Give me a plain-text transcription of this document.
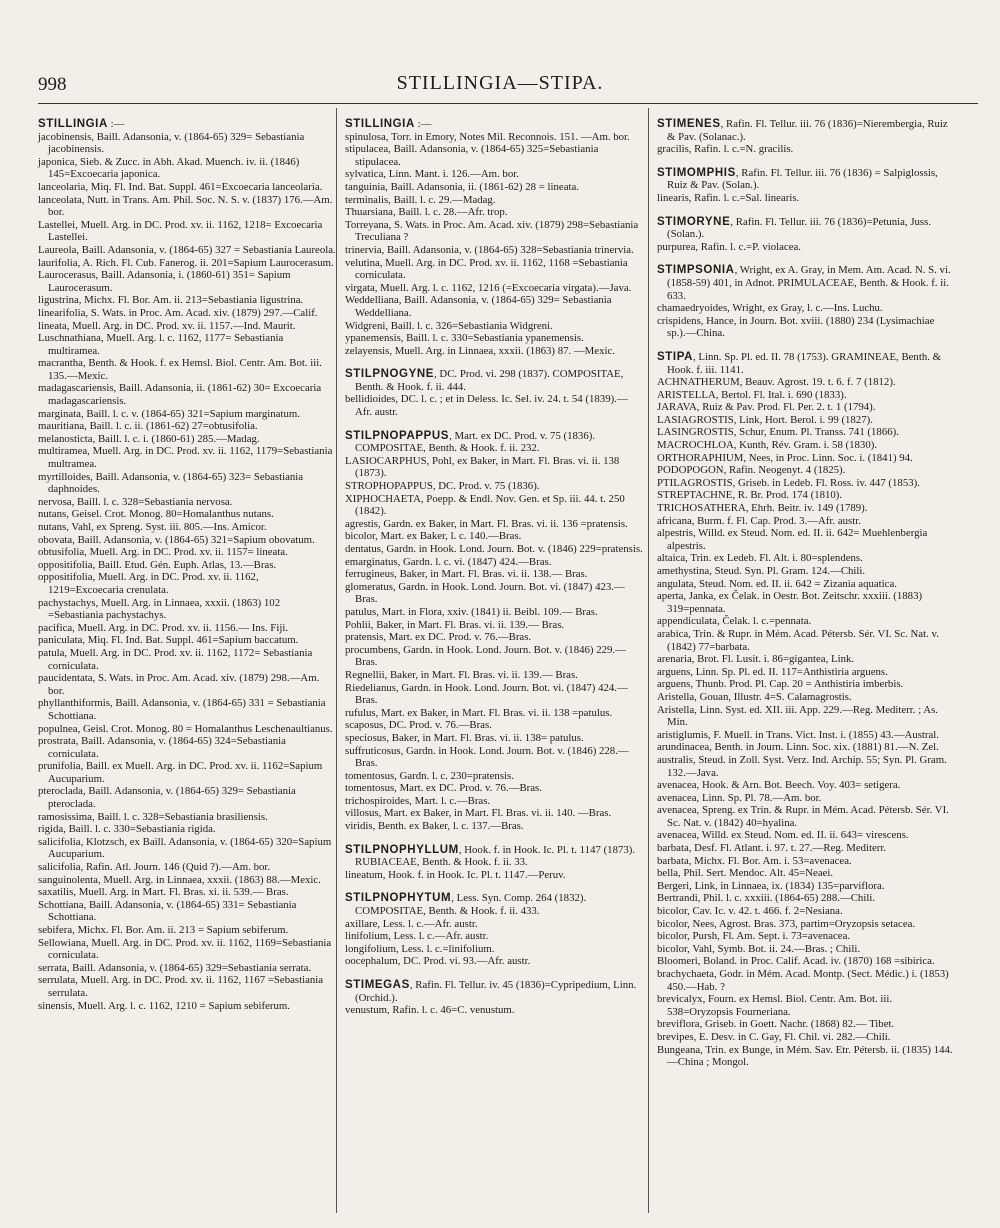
998	STILLINGIA—STIPA.

STILLINGIA :—

jacobinensis, Baill. Adansonia, v. (1864-65) 329= Sebastiania jacobinensis.

japonica, Sieb. & Zucc. in Abh. Akad. Muench. iv. ii. (1846) 145=Excoecaria japonica.

lanceolaria, Miq. Fl. Ind. Bat. Suppl. 461=Excoecaria lanceolaria.

lanceolata, Nutt. in Trans. Am. Phil. Soc. N. S. v. (1837) 176.—Am. bor.

Lastellei, Muell. Arg. in DC. Prod. xv. ii. 1162, 1218= Excoecaria Lastellei.

Laureola, Baill. Adansonia, v. (1864-65) 327 = Sebastiania Laureola.

laurifolia, A. Rich. Fl. Cub. Fanerog. ii. 201=Sapium Laurocerasum.

Laurocerasus, Baill. Adansonia, i. (1860-61) 351= Sapium Laurocerasum.

ligustrina, Michx. Fl. Bor. Am. ii. 213=Sebastiania ligustrina.

linearifolia, S. Wats. in Proc. Am. Acad. xiv. (1879) 297.—Calif.

lineata, Muell. Arg. in DC. Prod. xv. ii. 1157.—Ind. Maurit.

Luschnathiana, Muell. Arg. l. c. 1162, 1177= Sebastiania multiramea.

macrantha, Benth. & Hook. f. ex Hemsl. Biol. Centr. Am. Bot. iii. 135.—Mexic.

madagascariensis, Baill. Adansonia, ii. (1861-62) 30= Excoecaria madagascariensis.

marginata, Baill. l. c. v. (1864-65) 321=Sapium marginatum.

mauritiana, Baill. l. c. ii. (1861-62) 27=obtusifolia.

melanosticta, Baill. l. c. i. (1860-61) 285.—Madag.

multiramea, Muell. Arg. in DC. Prod. xv. ii. 1162, 1179=Sebastiania multramea.

myrtilloides, Baill. Adansonia, v. (1864-65) 323= Sebastiania daphnoides.

nervosa, Baill. l. c. 328=Sebastiania nervosa.

nutans, Geisel. Crot. Monog. 80=Homalanthus nutans.

nutans, Vahl, ex Spreng. Syst. iii. 805.—Ins. Amicor.

obovata, Baill. Adansonia, v. (1864-65) 321=Sapium obovatum.

obtusifolia, Muell. Arg. in DC. Prod. xv. ii. 1157= lineata.

oppositifolia, Baill. Etud. Gén. Euph. Atlas, 13.—Bras.

oppositifolia, Muell. Arg. in DC. Prod. xv. ii. 1162, 1219=Excoecaria crenulata.

pachystachys, Muell. Arg. in Linnaea, xxxii. (1863) 102 =Sebastiania pachystachys.

pacifica, Muell. Arg. in DC. Prod. xv. ii. 1156.— Ins. Fiji.

paniculata, Miq. Fl. Ind. Bat. Suppl. 461=Sapium baccatum.

patula, Muell. Arg. in DC. Prod. xv. ii. 1162, 1172= Sebastiania corniculata.

paucidentata, S. Wats. in Proc. Am. Acad. xiv. (1879) 298.—Am. bor.

phyllanthiformis, Baill. Adansonia, v. (1864-65) 331 = Sebastiania Schottiana.

populnea, Geisl. Crot. Monog. 80 = Homalanthus Leschenaultianus.

prostrata, Baill. Adansonia, v. (1864-65) 324=Sebastiania corniculata.

prunifolia, Baill. ex Muell. Arg. in DC. Prod. xv. ii. 1162=Sapium Aucuparium.

pteroclada, Baill. Adansonia, v. (1864-65) 329= Sebastiania pteroclada.

ramosissima, Baill. l. c. 328=Sebastiania brasiliensis.

rigida, Baill. l. c. 330=Sebastiania rigida.

salicifolia, Klotzsch, ex Baill. Adansonia, v. (1864-65) 320=Sapium Aucuparium.

salicifolia, Rafin. Atl. Journ. 146 (Quid ?).—Am. bor.

sanguinolenta, Muell. Arg. in Linnaea, xxxii. (1863) 88.—Mexic.

saxatilis, Muell. Arg. in Mart. Fl. Bras. xi. ii. 539.— Bras.

Schottiana, Baill. Adansonia, v. (1864-65) 331= Sebastiania Schottiana.

sebifera, Michx. Fl. Bor. Am. ii. 213 = Sapium sebiferum.

Sellowiana, Muell. Arg. in DC. Prod. xv. ii. 1162, 1169=Sebastiania corniculata.

serrata, Baill. Adansonia, v. (1864-65) 329=Sebastiania serrata.

serrulata, Muell. Arg. in DC. Prod. xv. ii. 1162, 1167 =Sebastiania serrulata.

sinensis, Muell. Arg. l. c. 1162, 1210 = Sapium sebiferum.

STILLINGIA :—

spinulosa, Torr. in Emory, Notes Mil. Reconnois. 151. —Am. bor.

stipulacea, Baill. Adansonia, v. (1864-65) 325=Sebastiania stipulacea.

sylvatica, Linn. Mant. i. 126.—Am. bor.

tanguinia, Baill. Adansonia, ii. (1861-62) 28 = lineata.

terminalis, Baill. l. c. 29.—Madag.

Thuarsiana, Baill. l. c. 28.—Afr. trop.

Torreyana, S. Wats. in Proc. Am. Acad. xiv. (1879) 298=Sebastiania Treculiana ?

trinervia, Baill. Adansonia, v. (1864-65) 328=Sebastiania trinervia.

velutina, Muell. Arg. in DC. Prod. xv. ii. 1162, 1168 =Sebastiania corniculata.

virgata, Muell. Arg. l. c. 1162, 1216 (=Excoecaria virgata).—Java.

Weddelliana, Baill. Adansonia, v. (1864-65) 329= Sebastiania Weddelliana.

Widgreni, Baill. l. c. 326=Sebastiania Widgreni.

ypanemensis, Baill. l. c. 330=Sebastiania ypanemensis.

zelayensis, Muell. Arg. in Linnaea, xxxii. (1863) 87. —Mexic.

STILPNOGYNE, DC. Prod. vi. 298 (1837). COMPOSITAE, Benth. & Hook. f. ii. 444.

bellidioides, DC. l. c. ; et in Deless. Ic. Sel. iv. 24. t. 54 (1839).—Afr. austr.

STILPNOPAPPUS, Mart. ex DC. Prod. v. 75 (1836). COMPOSITAE, Benth. & Hook. f. ii. 232.

LASIOCARPHUS, Pohl, ex Baker, in Mart. Fl. Bras. vi. ii. 138 (1873).

STROPHOPAPPUS, DC. Prod. v. 75 (1836).

XIPHOCHAETA, Poepp. & Endl. Nov. Gen. et Sp. iii. 44. t. 250 (1842).

agrestis, Gardn. ex Baker, in Mart. Fl. Bras. vi. ii. 136 =pratensis.

bicolor, Mart. ex Baker, l. c. 140.—Bras.

dentatus, Gardn. in Hook. Lond. Journ. Bot. v. (1846) 229=pratensis.

emarginatus, Gardn. l. c. vi. (1847) 424.—Bras.

ferrugineus, Baker, in Mart. Fl. Bras. vi. ii. 138.— Bras.

glomeratus, Gardn. in Hook. Lond. Journ. Bot. vi. (1847) 423.—Bras.

patulus, Mart. in Flora, xxiv. (1841) ii. Beibl. 109.— Bras.

Pohlii, Baker, in Mart. Fl. Bras. vi. ii. 139.— Bras.

pratensis, Mart. ex DC. Prod. v. 76.—Bras.

procumbens, Gardn. in Hook. Lond. Journ. Bot. v. (1846) 229.—Bras.

Regnellii, Baker, in Mart. Fl. Bras. vi. ii. 139.— Bras.

Riedelianus, Gardn. in Hook. Lond. Journ. Bot. vi. (1847) 424.—Bras.

rufulus, Mart. ex Baker, in Mart. Fl. Bras. vi. ii. 138 =patulus.

scaposus, DC. Prod. v. 76.—Bras.

speciosus, Baker, in Mart. Fl. Bras. vi. ii. 138= patulus.

suffruticosus, Gardn. in Hook. Lond. Journ. Bot. v. (1846) 228.—Bras.

tomentosus, Gardn. l. c. 230=pratensis.

tomentosus, Mart. ex DC. Prod. v. 76.—Bras.

trichospiroides, Mart. l. c.—Bras.

villosus, Mart. ex Baker, in Mart. Fl. Bras. vi. ii. 140. —Bras.

viridis, Benth. ex Baker, l. c. 137.—Bras.

STILPNOPHYLLUM, Hook. f. in Hook. Ic. Pl. t. 1147 (1873). RUBIACEAE, Benth. & Hook. f. ii. 33.

lineatum, Hook. f. in Hook. Ic. Pl. t. 1147.—Peruv.

STILPNOPHYTUM, Less. Syn. Comp. 264 (1832). COMPOSITAE, Benth. & Hook. f. ii. 433.

axillare, Less. l. c.—Afr. austr.

linifolium, Less. l. c.—Afr. austr.

longifolium, Less. l. c.=linifolium.

oocephalum, DC. Prod. vi. 93.—Afr. austr.

STIMEGAS, Rafin. Fl. Tellur. iv. 45 (1836)=Cypripedium, Linn. (Orchid.).

venustum, Rafin. l. c. 46=C. venustum.

STIMENES, Rafin. Fl. Tellur. iii. 76 (1836)=Nierembergia, Ruiz & Pav. (Solanac.).

gracilis, Rafin. l. c.=N. gracilis.

STIMOMPHIS, Rafin. Fl. Tellur. iii. 76 (1836) = Salpiglossis, Ruiz & Pav. (Solan.).

linearis, Rafin. l. c.=Sal. linearis.

STIMORYNE, Rafin. Fl. Tellur. iii. 76 (1836)=Petunia, Juss. (Solan.).

purpurea, Rafin. l. c.=P. violacea.

STIMPSONIA, Wright, ex A. Gray, in Mem. Am. Acad. N. S. vi. (1858-59) 401, in Adnot. PRIMULACEAE, Benth. & Hook. f. ii. 633.

chamaedryoides, Wright, ex Gray, l. c.—Ins. Luchu.

crispidens, Hance, in Journ. Bot. xviii. (1880) 234 (Lysimachiae sp.).—China.

STIPA, Linn. Sp. Pl. ed. II. 78 (1753). GRAMINEAE, Benth. & Hook. f. iii. 1141.

ACHNATHERUM, Beauv. Agrost. 19. t. 6. f. 7 (1812).

ARISTELLA, Bertol. Fl. Ital. i. 690 (1833).

JARAVA, Ruiz & Pav. Prod. Fl. Per. 2. t. 1 (1794).

LASIAGROSTIS, Link, Hort. Berol. i. 99 (1827).

LASINGROSTIS, Schur, Enum. Pl. Transs. 741 (1866).

MACROCHLOA, Kunth, Rév. Gram. i. 58 (1830).

ORTHORAPHIUM, Nees, in Proc. Linn. Soc. i. (1841) 94.

PODOPOGON, Rafin. Neogenyt. 4 (1825).

PTILAGROSTIS, Griseb. in Ledeb. Fl. Ross. iv. 447 (1853).

STREPTACHNE, R. Br. Prod. 174 (1810).

TRICHOSATHERA, Ehrh. Beitr. iv. 149 (1789).

africana, Burm. f. Fl. Cap. Prod. 3.—Afr. austr.

alpestris, Willd. ex Steud. Nom. ed. II. ii. 642= Muehlenbergia alpestris.

altaica, Trin. ex Ledeb. Fl. Alt. i. 80=splendens.

amethystina, Steud. Syn. Pl. Gram. 124.—Chili.

angulata, Steud. Nom. ed. II. ii. 642 = Zizania aquatica.

aperta, Janka, ex Čelak. in Oestr. Bot. Zeitschr. xxxiii. (1883) 319=pennata.

appendiculata, Čelak. l. c.=pennata.

arabica, Trin. & Rupr. in Mém. Acad. Pétersb. Sér. VI. Sc. Nat. v. (1842) 77=barbata.

arenaria, Brot. Fl. Lusit. i. 86=gigantea, Link.

arguens, Linn. Sp. Pl. ed. II. 117=Anthistiria arguens.

arguens, Thunb. Prod. Pl. Cap. 20 = Anthistiria imberbis.

Aristella, Gouan, Illustr. 4=S. Calamagrostis.

Aristella, Linn. Syst. ed. XII. iii. App. 229.—Reg. Mediterr. ; As. Min.

aristiglumis, F. Muell. in Trans. Vict. Inst. i. (1855) 43.—Austral.

arundinacea, Benth. in Journ. Linn. Soc. xix. (1881) 81.—N. Zel.

australis, Steud. in Zoll. Syst. Verz. Ind. Archip. 55; Syn. Pl. Gram. 132.—Java.

avenacea, Hook. & Arn. Bot. Beech. Voy. 403= setigera.

avenacea, Linn. Sp. Pl. 78.—Am. bor.

avenacea, Spreng. ex Trin. & Rupr. in Mém. Acad. Pétersb. Sér. VI. Sc. Nat. v. (1842) 40=hyalina.

avenacea, Willd. ex Steud. Nom. ed. II. ii. 643= virescens.

barbata, Desf. Fl. Atlant. i. 97. t. 27.—Reg. Mediterr.

barbata, Michx. Fl. Bor. Am. i. 53=avenacea.

bella, Phil. Sert. Mendoc. Alt. 45=Neaei.

Bergeri, Link, in Linnaea, ix. (1834) 135=parviflora.

Bertrandi, Phil. l. c. xxxiii. (1864-65) 288.—Chili.

bicolor, Cav. Ic. v. 42. t. 466. f. 2=Nesiana.

bicolor, Nees, Agrost. Bras. 373, partim=Oryzopsis setacea.

bicolor, Pursh, Fl. Am. Sept. i. 73=avenacea.

bicolor, Vahl, Symb. Bot. ii. 24.—Bras. ; Chili.

Bloomeri, Boland. in Proc. Calif. Acad. iv. (1870) 168 =sibirica.

brachychaeta, Godr. in Mém. Acad. Montp. (Sect. Médic.) i. (1853) 450.—Hab. ?

brevicalyx, Fourn. ex Hemsl. Biol. Centr. Am. Bot. iii. 538=Oryzopsis Fourneriana.

breviflora, Griseb. in Goett. Nachr. (1868) 82.— Tibet.

brevipes, E. Desv. in C. Gay, Fl. Chil. vi. 282.—Chili.

Bungeana, Trin. ex Bunge, in Mém. Sav. Etr. Pétersb. ii. (1835) 144.—China ; Mongol.
